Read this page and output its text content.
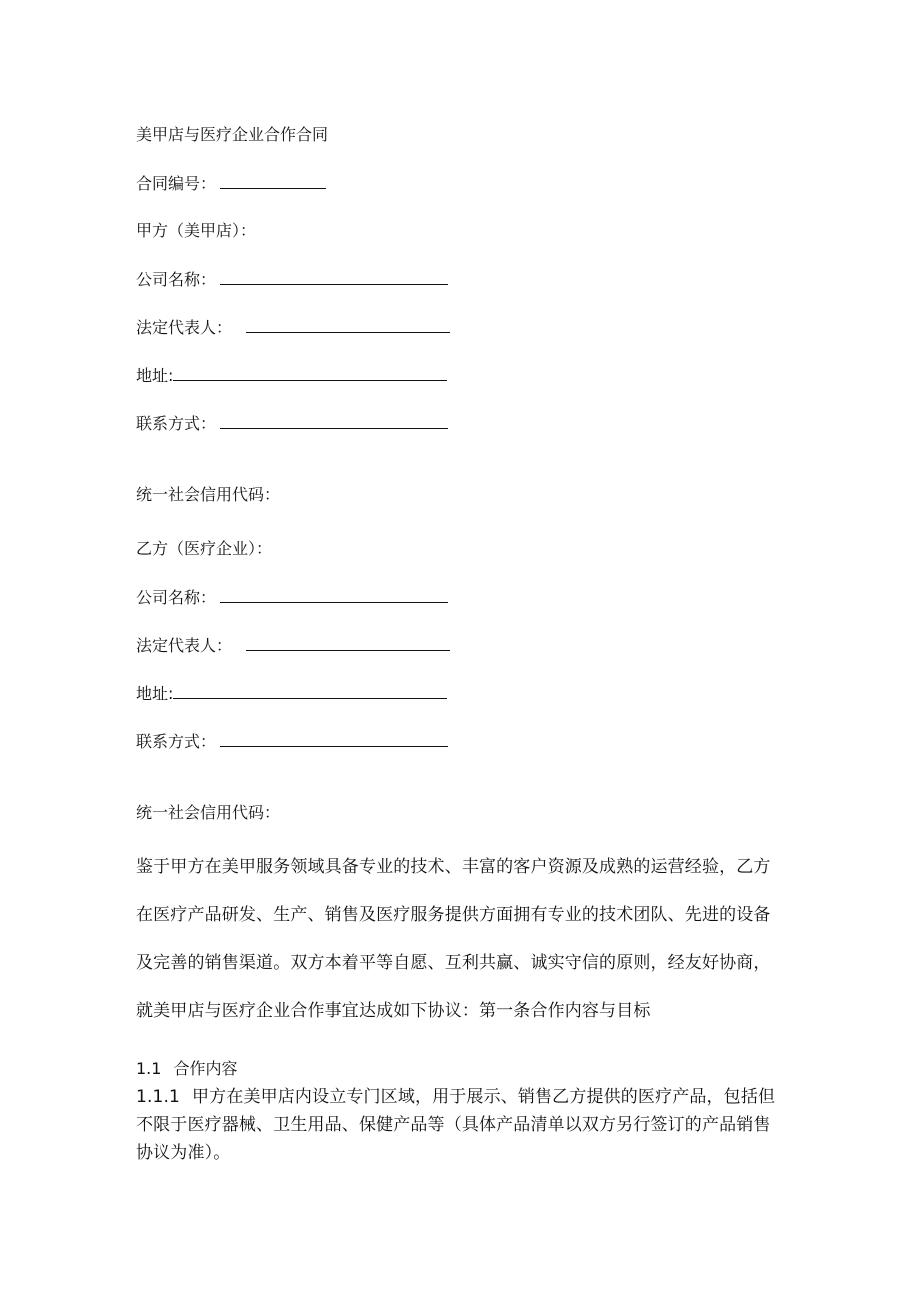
美甲店与医疗企业合作合同
合同编号：
甲方（美甲店）：
公司名称：
法定代表人：
地址:
联系方式：
统一社会信用代码：
乙方（医疗企业）：
公司名称：
法定代表人：
地址:
联系方式：
统一社会信用代码：
鉴于甲方在美甲服务领域具备专业的技术、丰富的客户资源及成熟的运营经验，乙方
在医疗产品研发、生产、销售及医疗服务提供方面拥有专业的技术团队、先进的设备
及完善的销售渠道。双方本着平等自愿、互利共赢、诚实守信的原则，经友好协商，
就美甲店与医疗企业合作事宜达成如下协议：第一条合作内容与目标
1.1 合作内容
1.1.1 甲方在美甲店内设立专门区域，用于展示、销售乙方提供的医疗产品，包括但
不限于医疗器械、卫生用品、保健产品等（具体产品清单以双方另行签订的产品销售
协议为准）。
